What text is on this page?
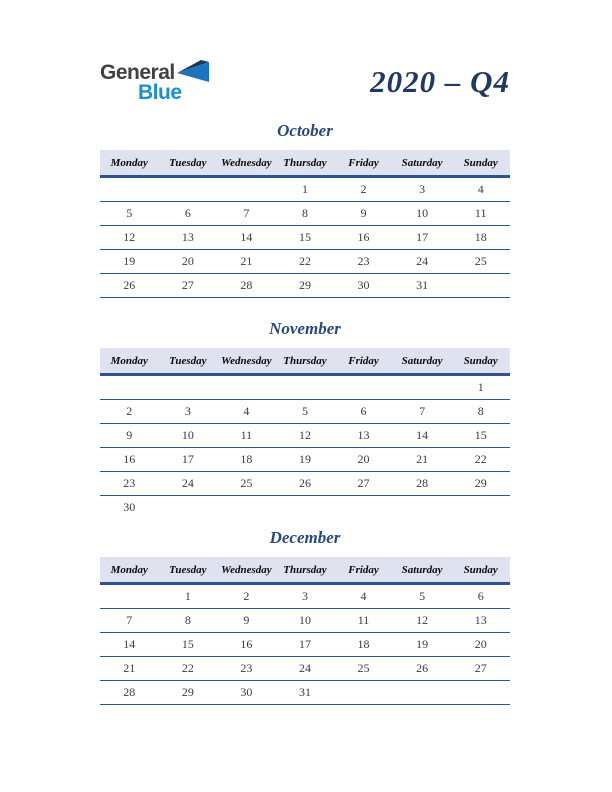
General
Blue	2020 – Q4
October
Monday	Tuesday	Wednesday	Thursday	Friday	Saturday	Sunday
			1	2	3	4
5	6	7	8	9	10	11
12	13	14	15	16	17	18
19	20	21	22	23	24	25
26	27	28	29	30	31	
November
Monday	Tuesday	Wednesday	Thursday	Friday	Saturday	Sunday
						1
2	3	4	5	6	7	8
9	10	11	12	13	14	15
16	17	18	19	20	21	22
23	24	25	26	27	28	29
30						
December
Monday	Tuesday	Wednesday	Thursday	Friday	Saturday	Sunday
	1	2	3	4	5	6
7	8	9	10	11	12	13
14	15	16	17	18	19	20
21	22	23	24	25	26	27
28	29	30	31			
